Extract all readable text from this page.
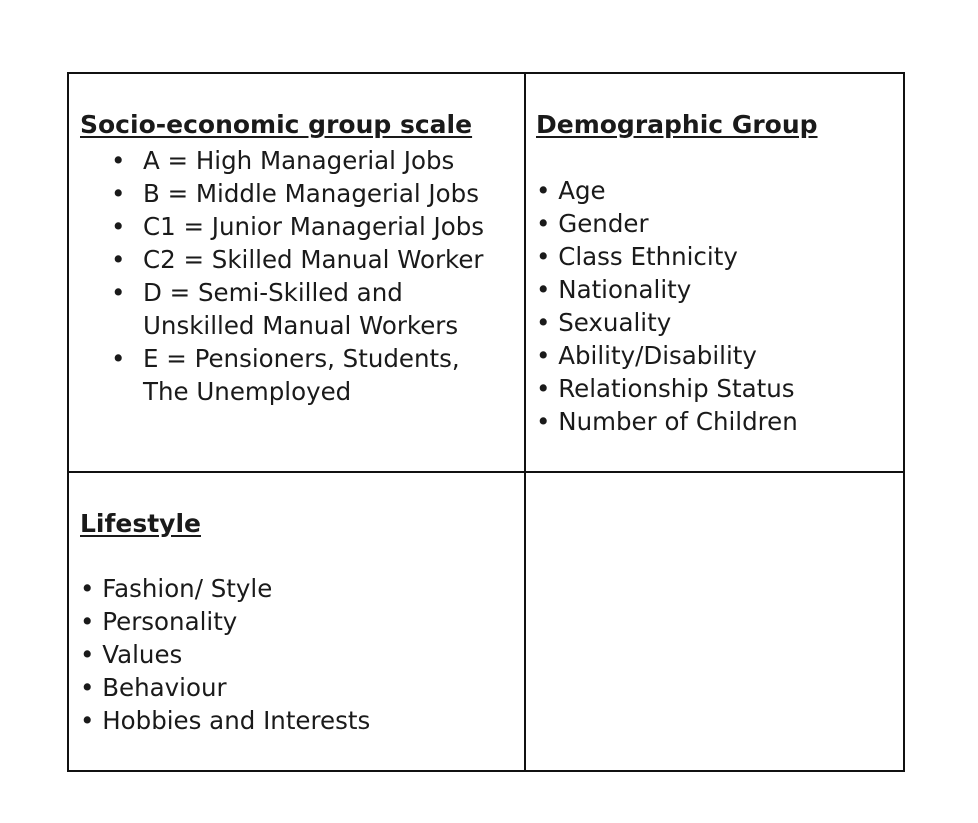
Socio-economic group scale
• A = High Managerial Jobs
• B = Middle Managerial Jobs
• C1 = Junior Managerial Jobs
• C2 = Skilled Manual Worker
• D = Semi-Skilled and
Unskilled Manual Workers
• E = Pensioners, Students,
The Unemployed
Demographic Group
• Age
• Gender
• Class Ethnicity
• Nationality
• Sexuality
• Ability/Disability
• Relationship Status
• Number of Children
Lifestyle
• Fashion/ Style
• Personality
• Values
• Behaviour
• Hobbies and Interests
